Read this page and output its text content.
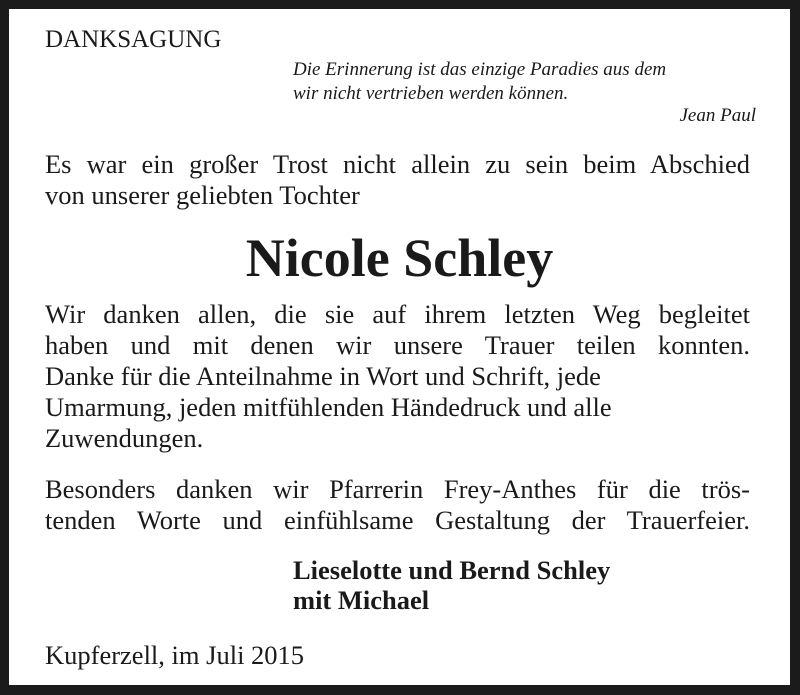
DANKSAGUNG
Die Erinnerung ist das einzige Paradies aus dem
wir nicht vertrieben werden können.
Jean Paul
Es war ein großer Trost nicht allein zu sein beim Abschied
von unserer geliebten Tochter
Nicole Schley
Wir danken allen, die sie auf ihrem letzten Weg begleitet
haben und mit denen wir unsere Trauer teilen konnten.
Danke für die Anteilnahme in Wort und Schrift, jede
Umarmung, jeden mitfühlenden Händedruck und alle
Zuwendungen.
Besonders danken wir Pfarrerin Frey-Anthes für die trös-
tenden Worte und einfühlsame Gestaltung der Trauerfeier.
Lieselotte und Bernd Schley
mit Michael
Kupferzell, im Juli 2015
